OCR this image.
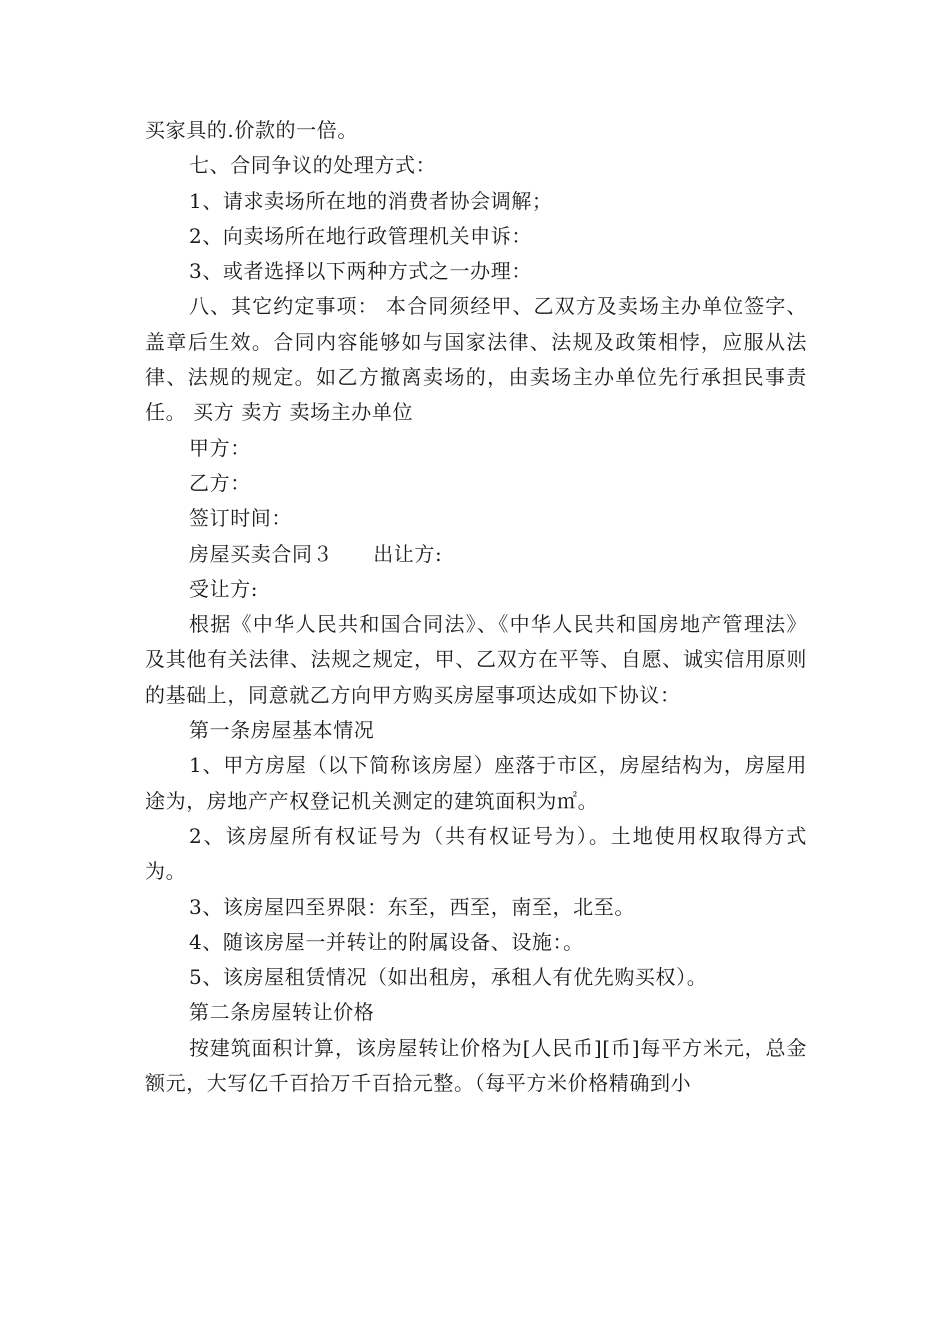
买家具的.价款的一倍。

七、合同争议的处理方式：

1、请求卖场所在地的消费者协会调解；

2、向卖场所在地行政管理机关申诉：

3、或者选择以下两种方式之一办理：

八、其它约定事项： 本合同须经甲、乙双方及卖场主办单位签字、盖章后生效。合同内容能够如与国家法律、法规及政策相悖，应服从法律、法规的规定。如乙方撤离卖场的，由卖场主办单位先行承担民事责任。 买方 卖方 卖场主办单位

甲方：

乙方：

签订时间：

房屋买卖合同３ 出让方:

受让方:

根据《中华人民共和国合同法》、《中华人民共和国房地产管理法》及其他有关法律、法规之规定，甲、乙双方在平等、自愿、诚实信用原则的基础上，同意就乙方向甲方购买房屋事项达成如下协议：

第一条房屋基本情况

1、甲方房屋（以下简称该房屋）座落于市区，房屋结构为，房屋用途为，房地产产权登记机关测定的建筑面积为㎡。

2、该房屋所有权证号为（共有权证号为）。土地使用权取得方式为。

3、该房屋四至界限：东至，西至，南至，北至。

4、随该房屋一并转让的附属设备、设施：。

5、该房屋租赁情况（如出租房，承租人有优先购买权）。

第二条房屋转让价格

按建筑面积计算，该房屋转让价格为[人民币][币]每平方米元，总金额元，大写亿千百拾万千百拾元整。（每平方米价格精确到小
